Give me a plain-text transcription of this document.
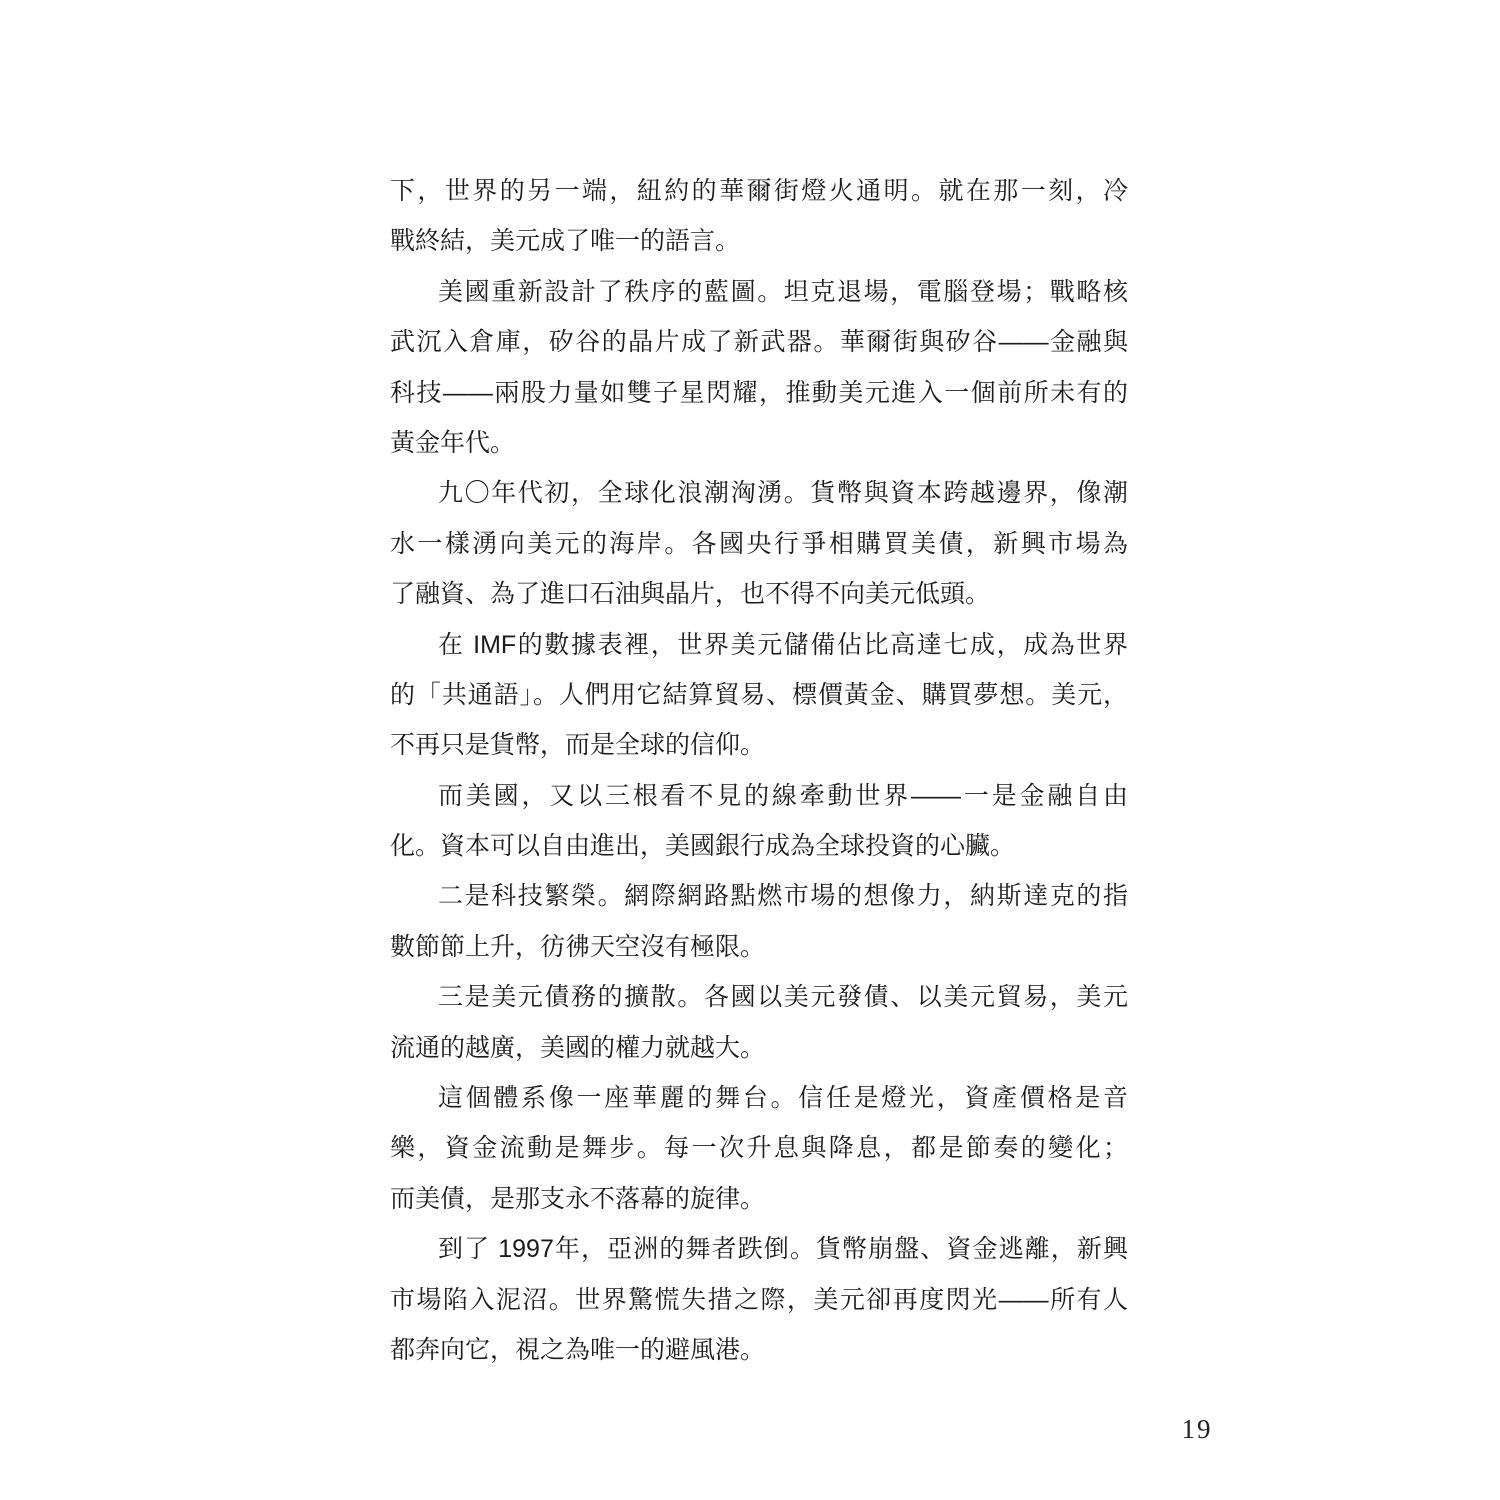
下，世界的另一端，紐約的華爾街燈火通明。就在那一刻，冷
戰終結，美元成了唯一的語言。
美國重新設計了秩序的藍圖。坦克退場，電腦登場；戰略核
武沉入倉庫，矽谷的晶片成了新武器。華爾街與矽谷——金融與
科技——兩股力量如雙子星閃耀，推動美元進入一個前所未有的
黃金年代。
九〇年代初，全球化浪潮洶湧。貨幣與資本跨越邊界，像潮
水一樣湧向美元的海岸。各國央行爭相購買美債，新興市場為
了融資、為了進口石油與晶片，也不得不向美元低頭。
在 IMF的數據表裡，世界美元儲備佔比高達七成，成為世界
的「共通語」。人們用它結算貿易、標價黃金、購買夢想。美元，
不再只是貨幣，而是全球的信仰。
而美國，又以三根看不見的線牽動世界——一是金融自由
化。資本可以自由進出，美國銀行成為全球投資的心臟。
二是科技繁榮。網際網路點燃市場的想像力，納斯達克的指
數節節上升，彷彿天空沒有極限。
三是美元債務的擴散。各國以美元發債、以美元貿易，美元
流通的越廣，美國的權力就越大。
這個體系像一座華麗的舞台。信任是燈光，資產價格是音
樂，資金流動是舞步。每一次升息與降息，都是節奏的變化；
而美債，是那支永不落幕的旋律。
到了 1997年，亞洲的舞者跌倒。貨幣崩盤、資金逃離，新興
市場陷入泥沼。世界驚慌失措之際，美元卻再度閃光——所有人
都奔向它，視之為唯一的避風港。
19
